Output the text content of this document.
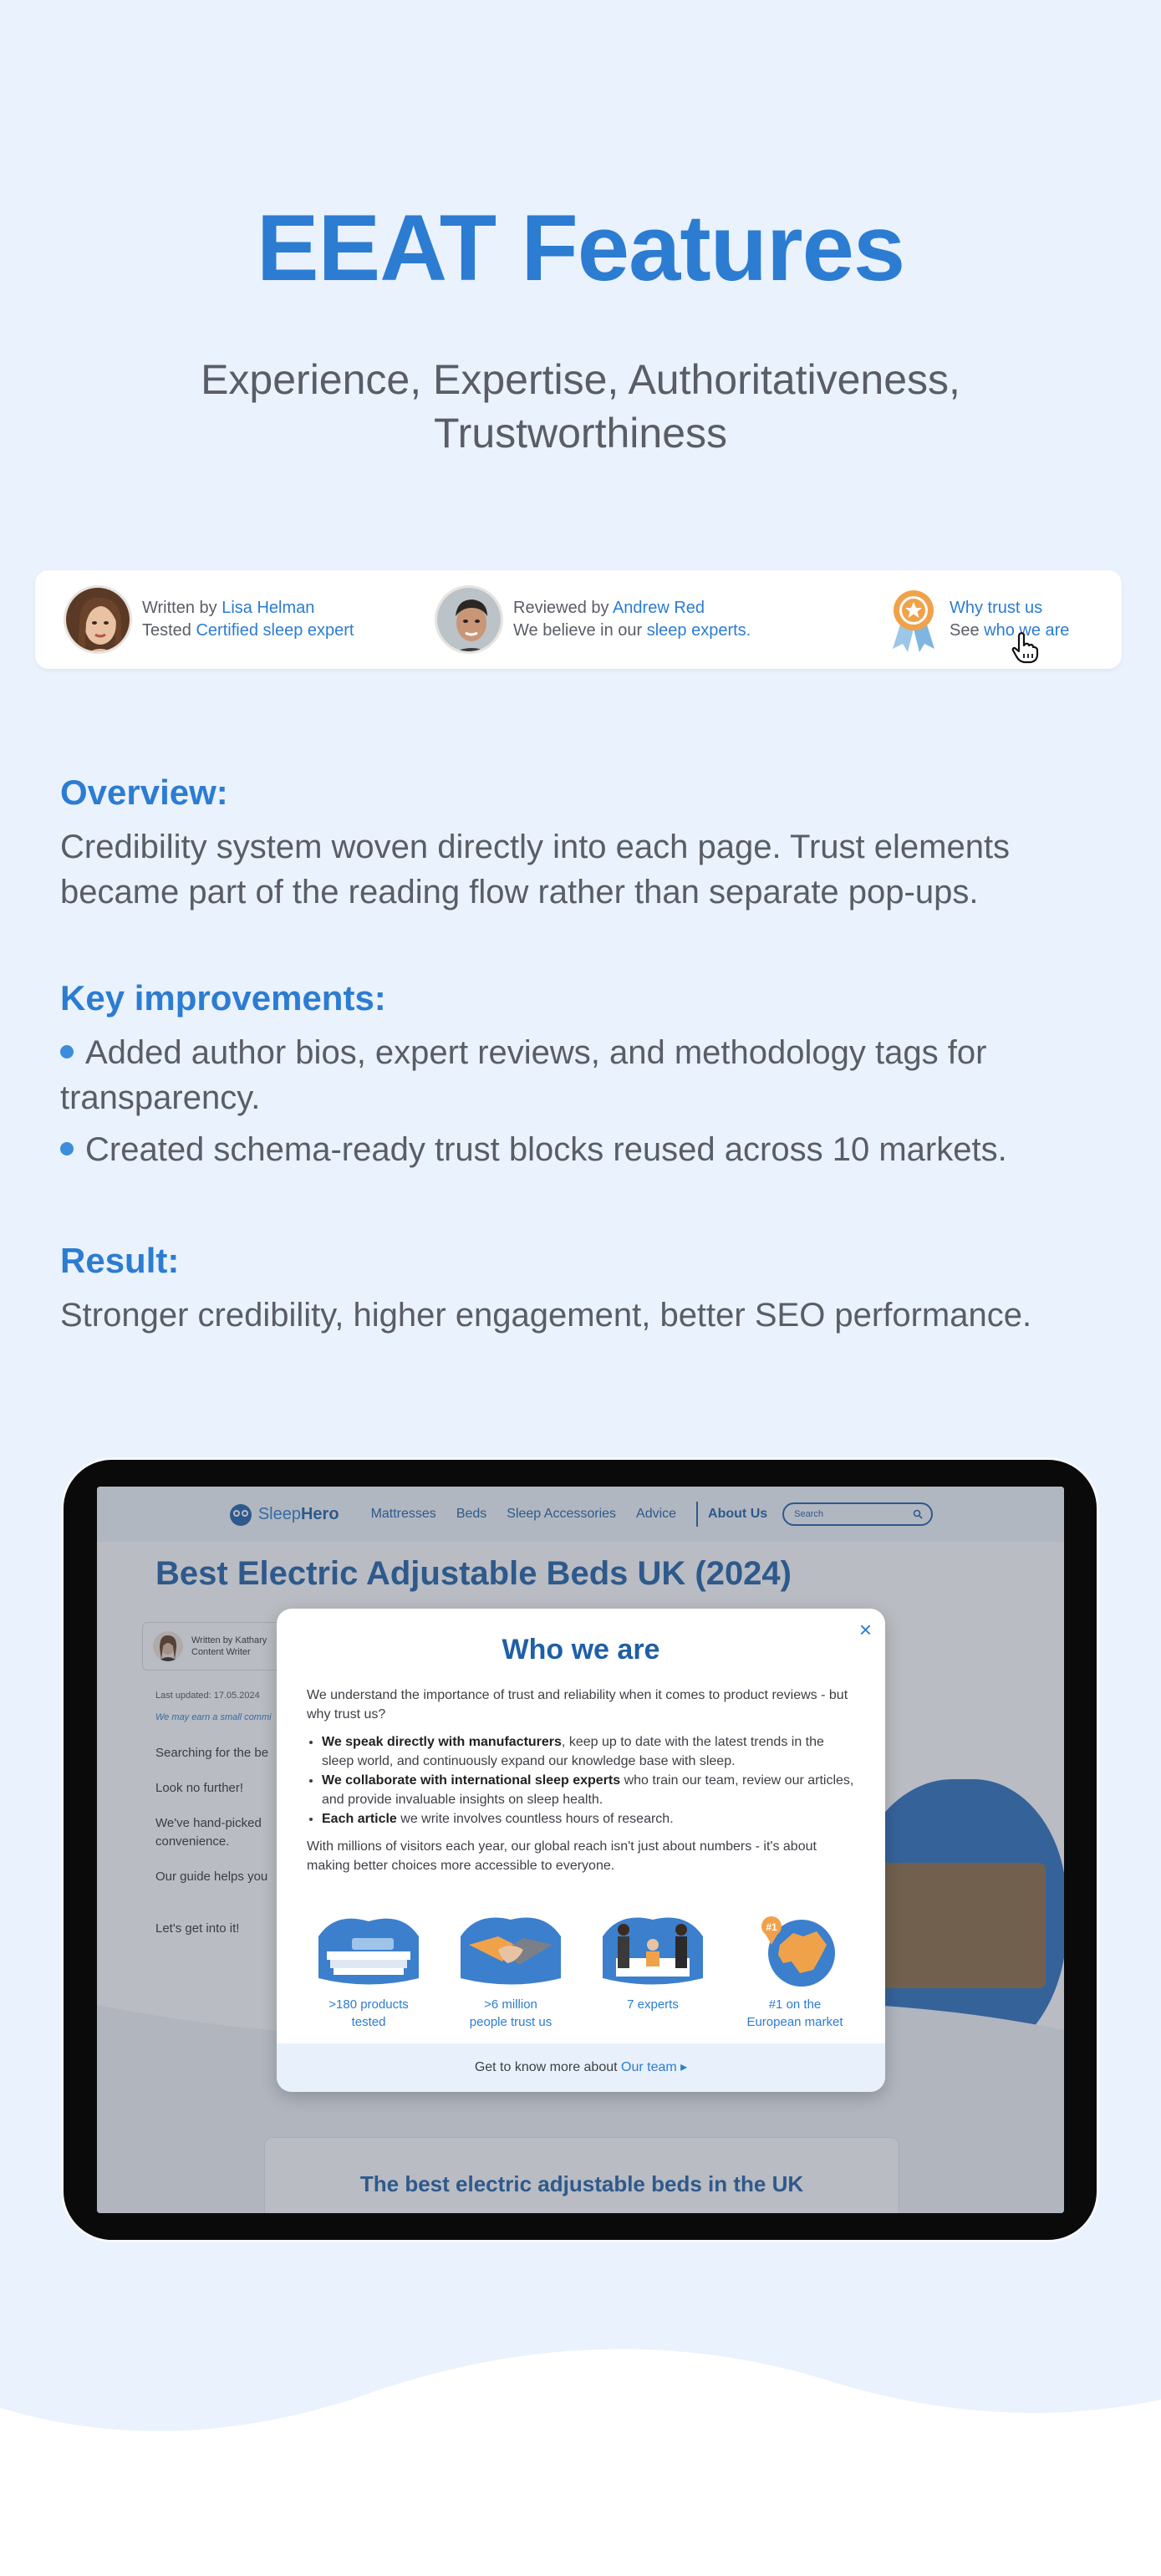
EEAT Features
Experience, Expertise, Authoritativeness,
Trustworthiness
Written by Lisa Helman
Tested Certified sleep expert
Reviewed by Andrew Red
We believe in our sleep experts.
Why trust us
See who we are
Overview:
Credibility system woven directly into each page. Trust elements
became part of the reading flow rather than separate pop-ups.
Key improvements:
Added author bios, expert reviews, and methodology tags for
transparency.
Created schema-ready trust blocks reused across 10 markets.
Result:
Stronger credibility, higher engagement, better SEO performance.
Sleep Hero Mattresses Beds Sleep Accessories Advice About Us	Search
Best Electric Adjustable Beds UK (2024)
Written by Kathary
Content Writer
Last updated: 17.05.2024
We may earn a small commi
Searching for the be
Look no further!
We've hand-picked
convenience.
Our guide helps you
Let's get into it!
The best electric adjustable beds in the UK
×
Who we are
We understand the importance of trust and reliability when it comes to product reviews - but why trust us?
• We speak directly with manufacturers, keep up to date with the latest trends in the sleep world, and continuously expand our knowledge base with sleep.
• We collaborate with international sleep experts who train our team, review our articles, and provide invaluable insights on sleep health.
• Each article we write involves countless hours of research.
With millions of visitors each year, our global reach isn't just about numbers - it's about making better choices more accessible to everyone.
>180 products
tested
>6 million
people trust us
7 experts
#1
#1 on the
European market
Get to know more about Our team ▸
